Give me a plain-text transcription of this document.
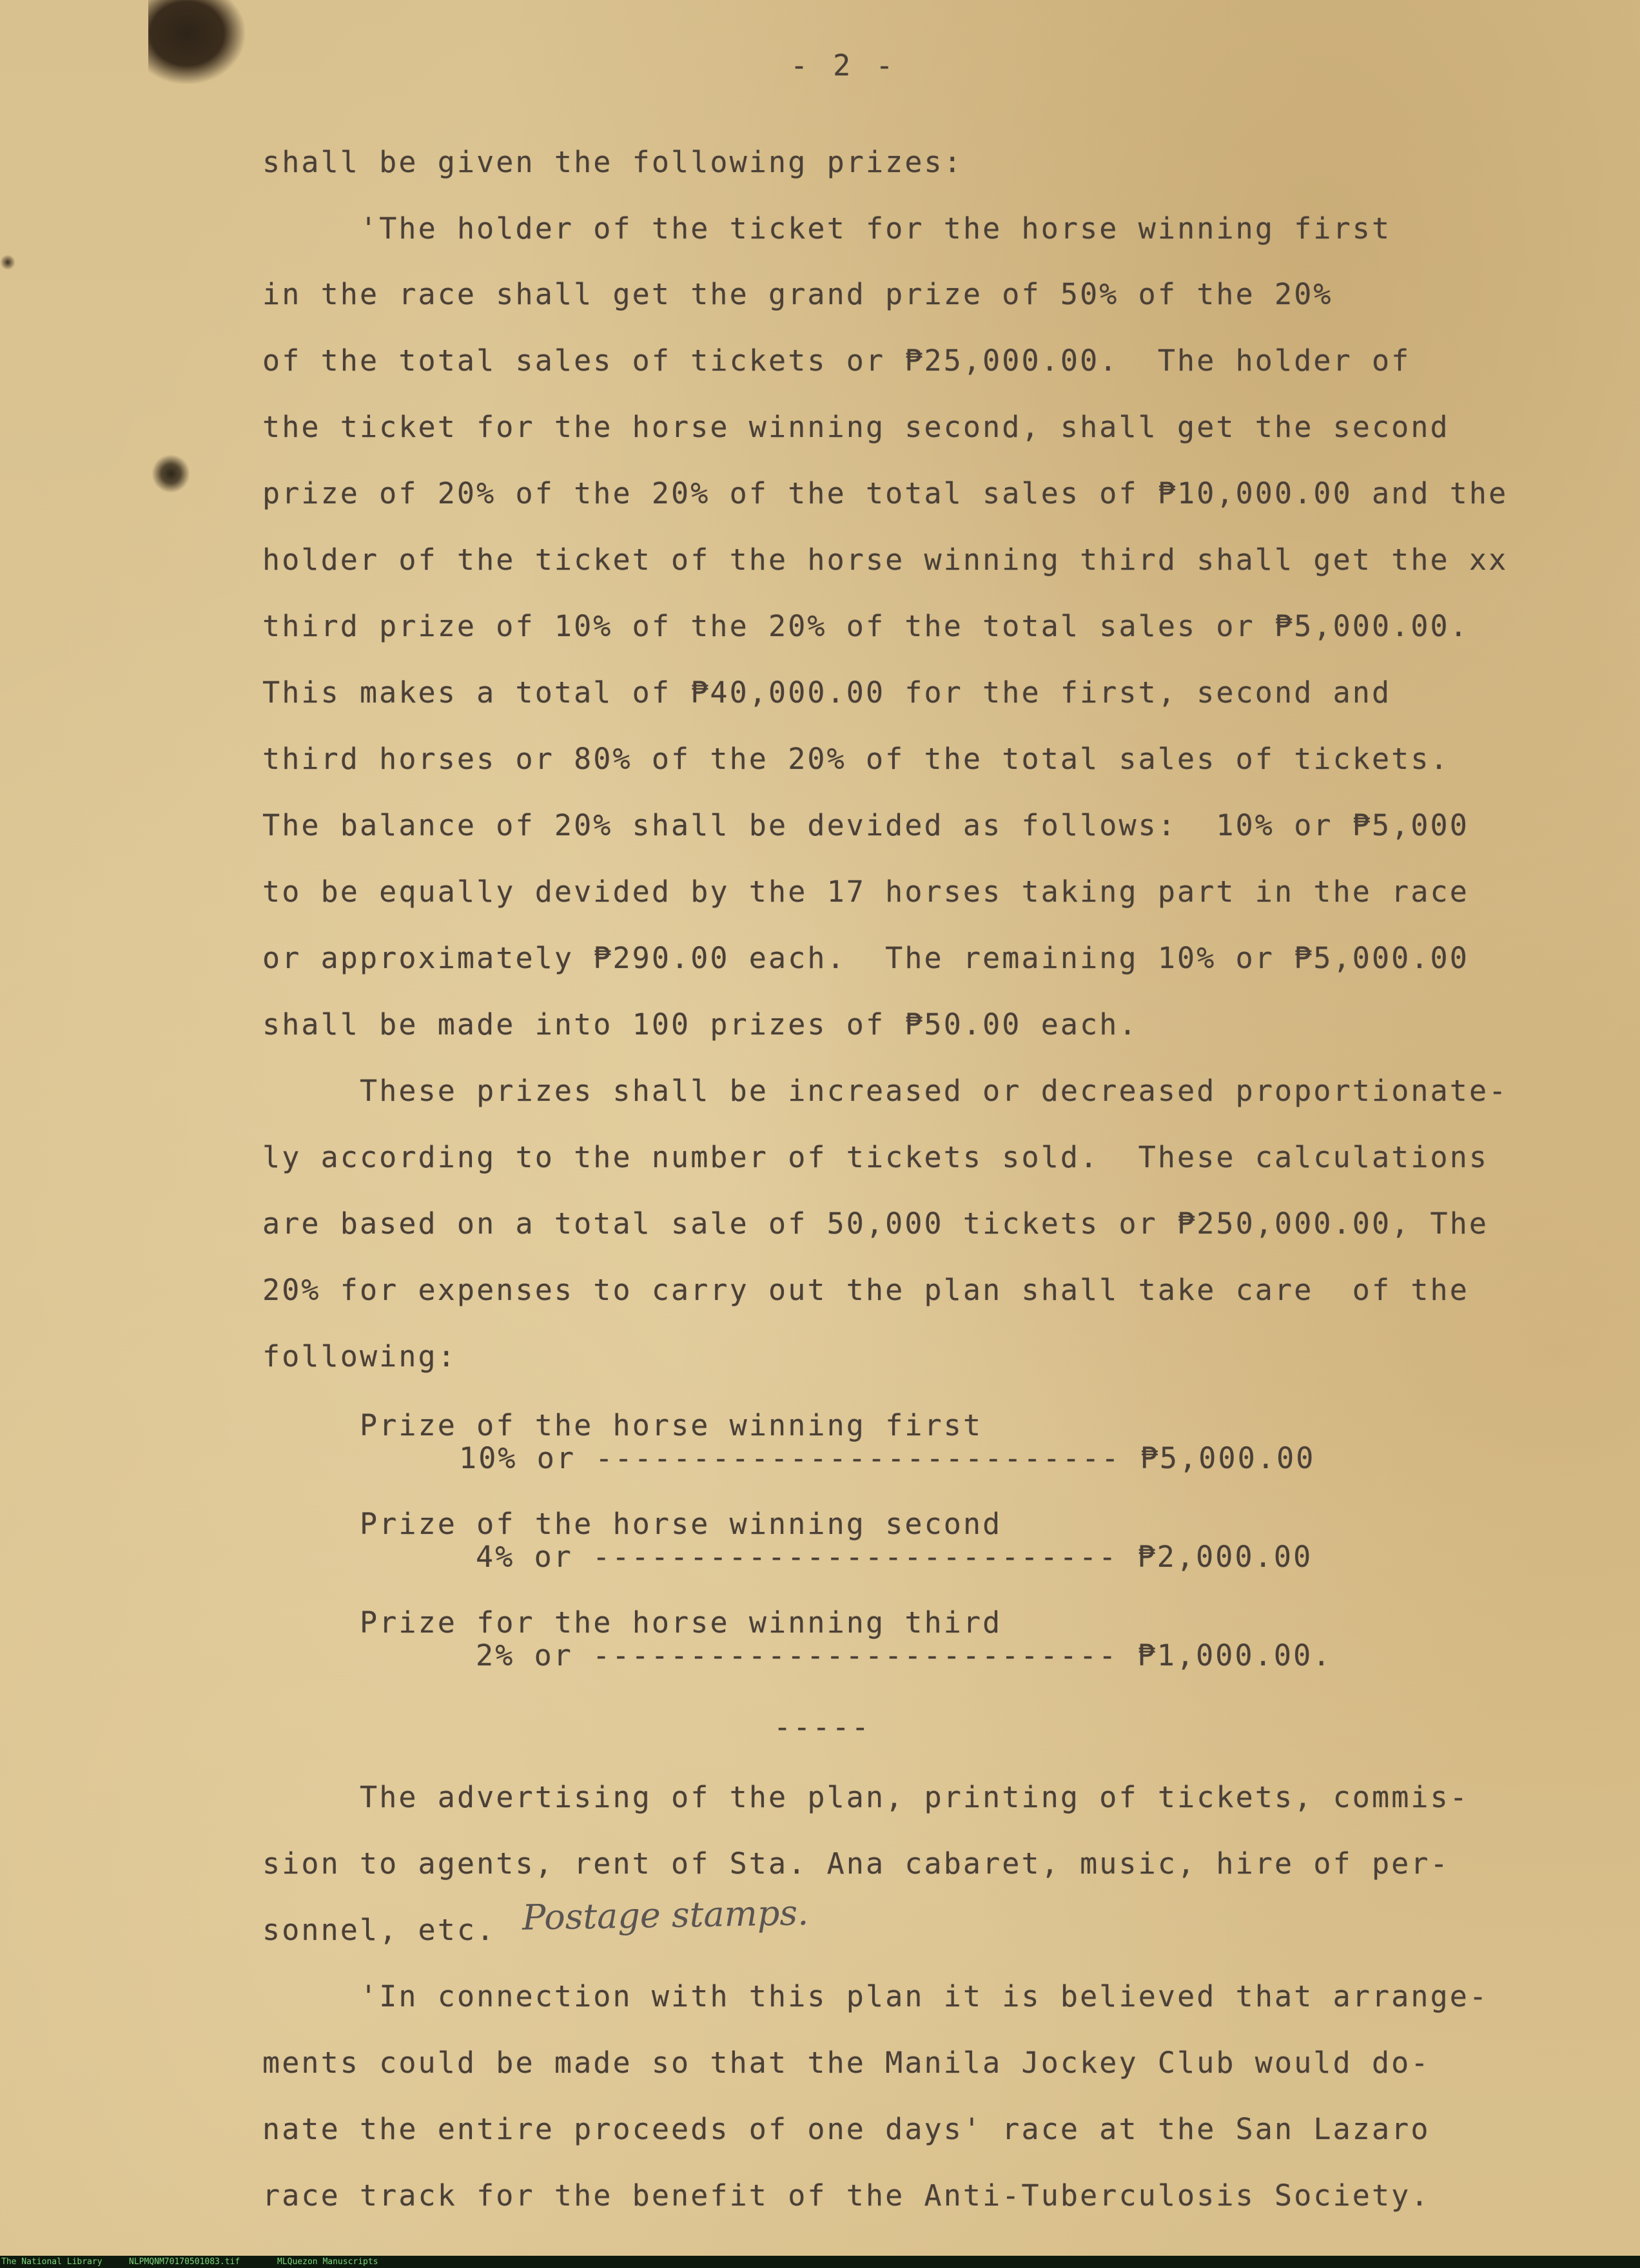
- 2 -

shall be given the following prizes:

'The holder of the ticket for the horse winning first

in the race shall get the grand prize of 50% of the 20%

of the total sales of tickets or ₱25,000.00.  The holder of

the ticket for the horse winning second, shall get the second

prize of 20% of the 20% of the total sales of ₱10,000.00 and the

holder of the ticket of the horse winning third shall get the xx

third prize of 10% of the 20% of the total sales or ₱5,000.00.

This makes a total of ₱40,000.00 for the first, second and

third horses or 80% of the 20% of the total sales of tickets.

The balance of 20% shall be devided as follows:  10% or ₱5,000

to be equally devided by the 17 horses taking part in the race

or approximately ₱290.00 each.  The remaining 10% or ₱5,000.00

shall be made into 100 prizes of ₱50.00 each.

These prizes shall be increased or decreased proportionate-

ly according to the number of tickets sold.  These calculations

are based on a total sale of 50,000 tickets or ₱250,000.00, The

20% for expenses to carry out the plan shall take care  of the

following:

Prize of the horse winning first

10% or --------------------------- ₱5,000.00

Prize of the horse winning second

4% or --------------------------- ₱2,000.00

Prize for the horse winning third

2% or --------------------------- ₱1,000.00.

-----

The advertising of the plan, printing of tickets, commis-

sion to agents, rent of Sta. Ana cabaret, music, hire of per-

sonnel, etc. Postage stamps.

'In connection with this plan it is believed that arrange-

ments could be made so that the Manila Jockey Club would do-

nate the entire proceeds of one days' race at the San Lazaro

race track for the benefit of the Anti-Tuberculosis Society.

The National Library

	NLPMQNM70170501083.tif

	MLQuezon Manuscripts
